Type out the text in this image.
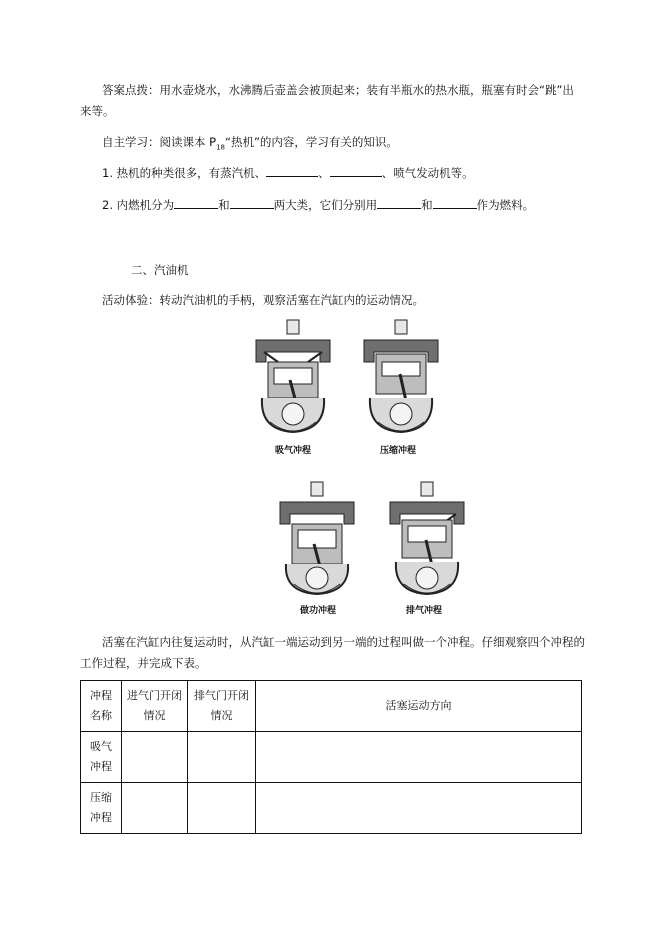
答案点拨：用水壶烧水，水沸腾后壶盖会被顶起来；装有半瓶水的热水瓶，瓶塞有时会“跳”出来等。
自主学习：阅读课本 $P_{18}“$热机”的内容，学习有关的知识。
1. 热机的种类很多，有蒸汽机、	、	、喷气发动机等。
2. 内燃机分为	和	两大类，它们分别用	和	作为燃料。
二、汽油机
活动体验：转动汽油机的手柄，观察活塞在汽缸内的运动情况。
吸气冲程	压缩冲程
做功冲程	排气冲程
活塞在汽缸内往复运动时，从汽缸一端运动到另一端的过程叫做一个冲程。仔细观察四个冲程的工作过程，并完成下表。
冲程名称	进气门开闭情况	排气门开闭情况	活塞运动方向
吸气冲程			
压缩冲程			
